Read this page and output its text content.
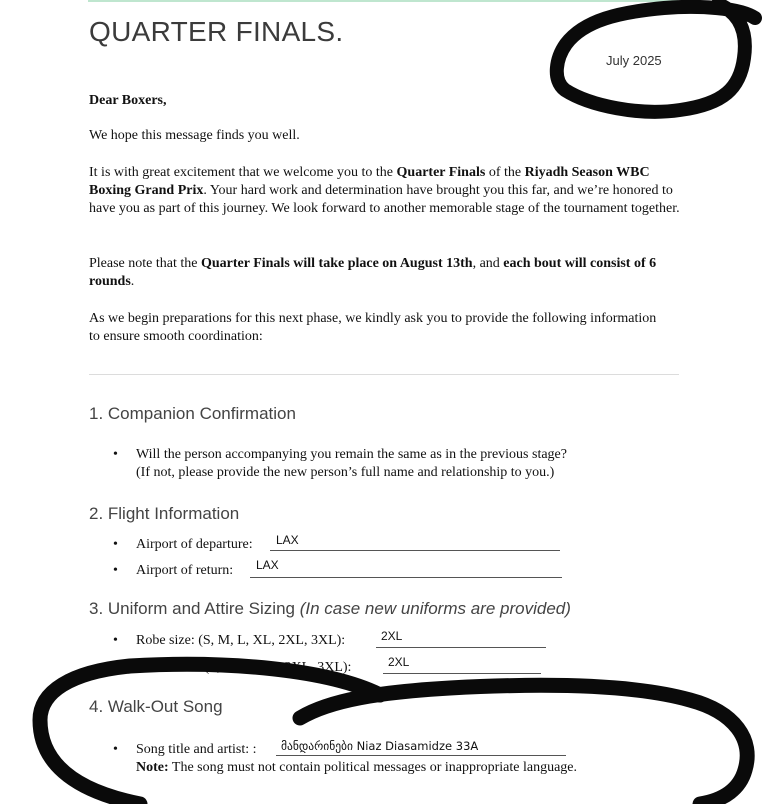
QUARTER FINALS.
July 2025
Dear Boxers,
We hope this message finds you well.
It is with great excitement that we welcome you to the Quarter Finals of the Riyadh Season WBC Boxing Grand Prix. Your hard work and determination have brought you this far, and we’re honored to have you as part of this journey. We look forward to another memorable stage of the tournament together.
Please note that the Quarter Finals will take place on August 13th, and each bout will consist of 6 rounds.
As we begin preparations for this next phase, we kindly ask you to provide the following information to ensure smooth coordination:
1. Companion Confirmation
• Will the person accompanying you remain the same as in the previous stage?
(If not, please provide the new person’s full name and relationship to you.)
2. Flight Information
• Airport of departure: LAX
• Airport of return: LAX
3. Uniform and Attire Sizing (In case new uniforms are provided)
• Robe size: (S, M, L, XL, 2XL, 3XL):	2XL
• Shorts size: (S, M, L, XL, 2XL, 3XL):	2XL
4. Walk-Out Song
• Song title and artist: : მანდარინები Niaz Diasamidze 33A
Note: The song must not contain political messages or inappropriate language.
